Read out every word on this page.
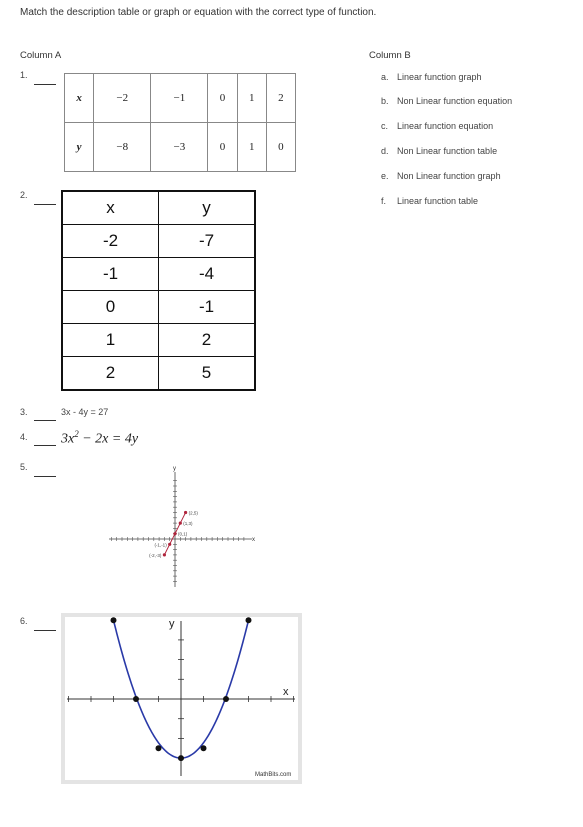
Match the description table or graph or equation with the correct type of function.
Column A	Column B
a. Linear function graph
b. Non Linear function equation
c. Linear function equation
d. Non Linear function table
e. Non Linear function graph
f. Linear function table
1.
2.
3.
4.
5.
6.
x	−2	−1	0	1	2
y	−8	−3	0	1	0
x	y
-2	-7
-1	-4
0	-1
1	2
2	5
3x - 4y = 27
$3x^2 - 2x = 4y$
(2,5)
(1,3)
(0,1)
(-1,-1)
(-2,-3)
x
y
x
y
MathBits.com
